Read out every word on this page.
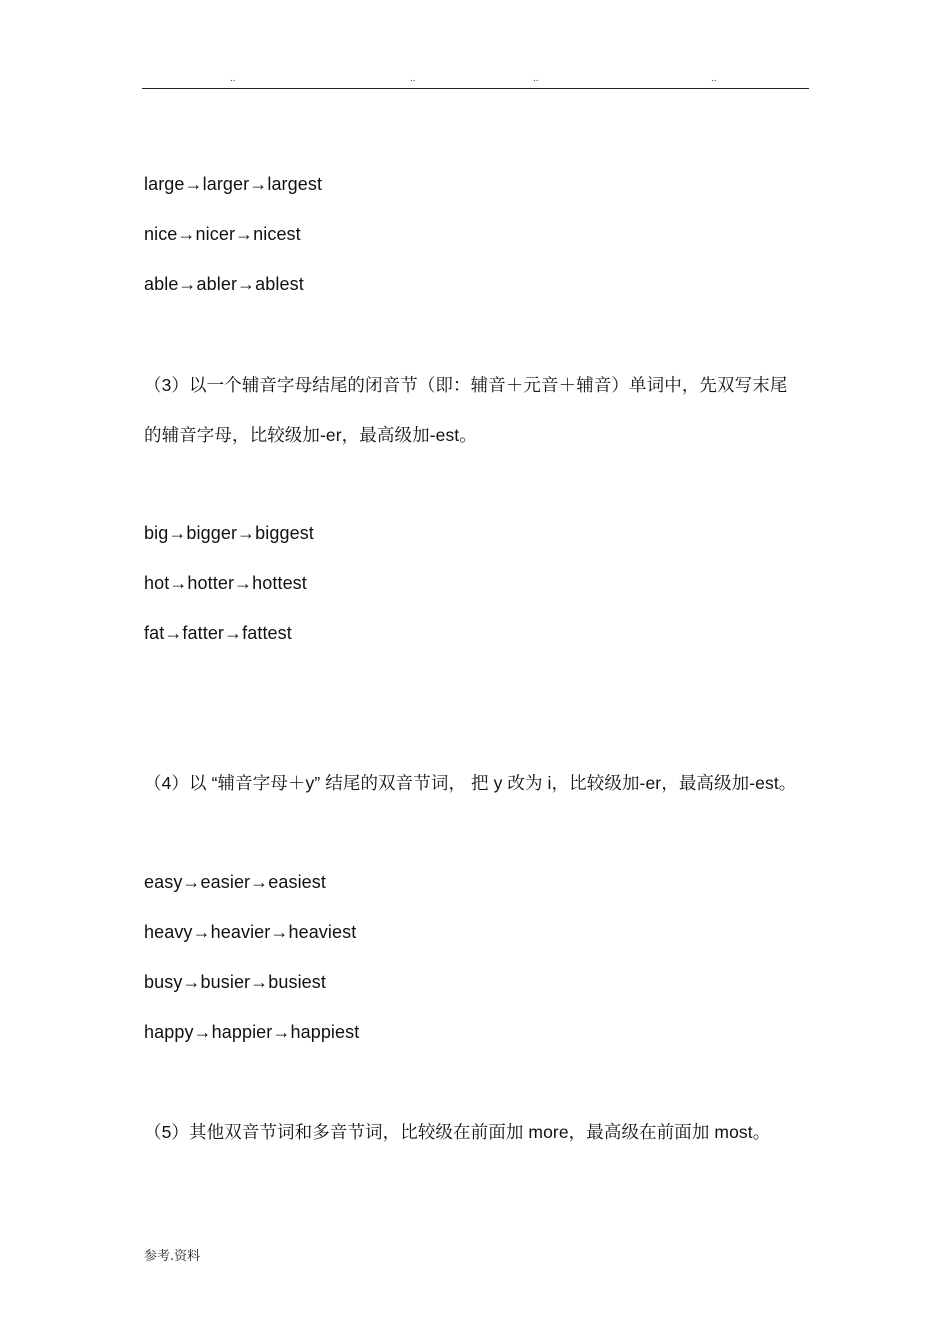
..	..	..	..
large→larger→largest
nice→nicer→nicest
able→abler→ablest
（3）以一个辅音字母结尾的闭音节（即：辅音＋元音＋辅音）单词中，先双写末尾
的辅音字母，比较级加-er，最高级加-est。
big→bigger→biggest
hot→hotter→hottest
fat→fatter→fattest
（4）以 “辅音字母＋y” 结尾的双音节词， 把 y 改为 i，比较级加-er，最高级加-est。
easy→easier→easiest
heavy→heavier→heaviest
busy→busier→busiest
happy→happier→happiest
（5）其他双音节词和多音节词，比较级在前面加 more，最高级在前面加 most。
参考.资料
